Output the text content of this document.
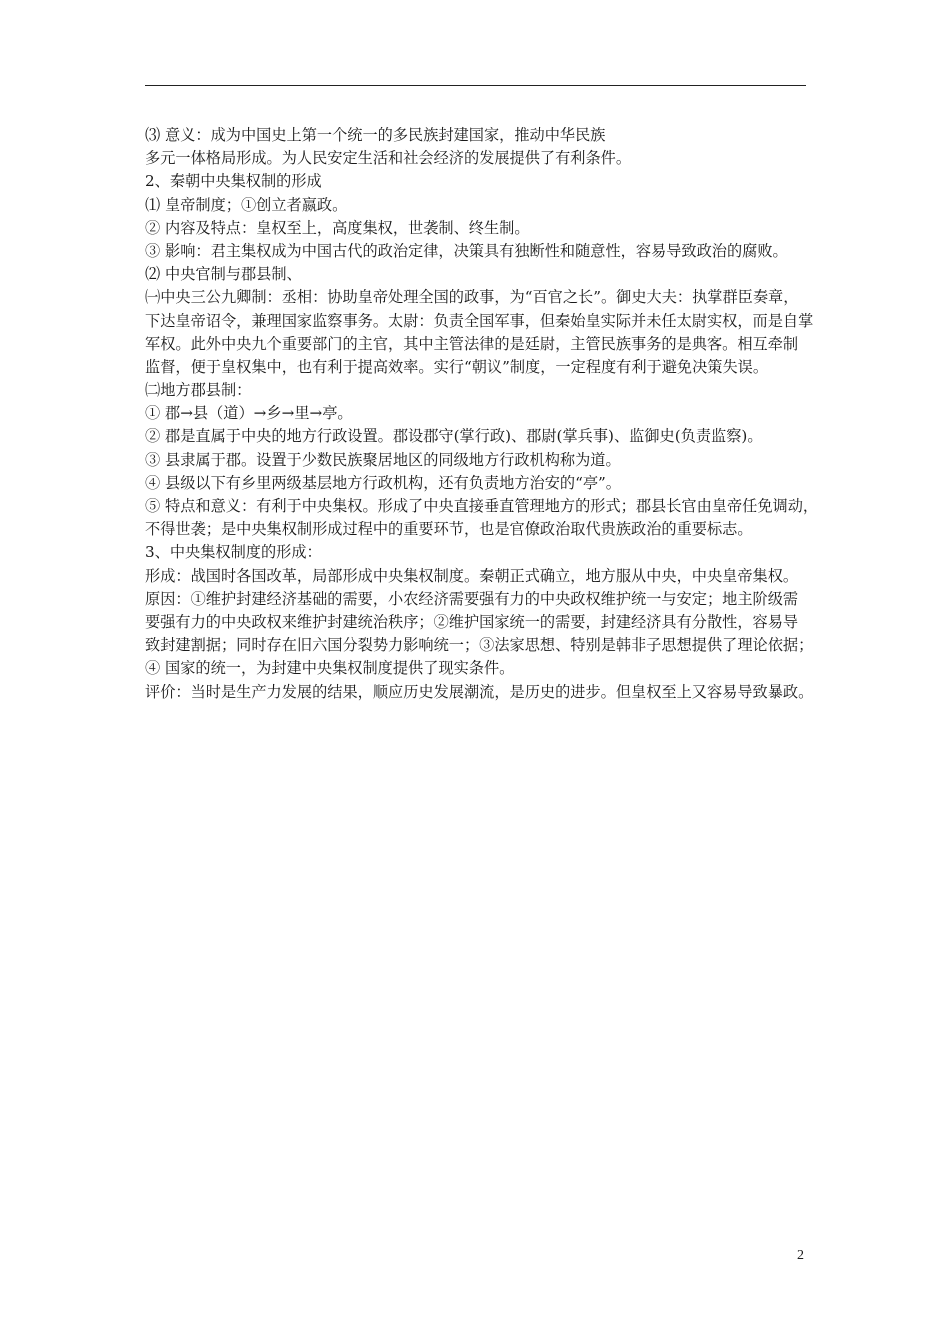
⑶ 意义：成为中国史上第一个统一的多民族封建国家，推动中华民族
多元一体格局形成。为人民安定生活和社会经济的发展提供了有利条件。
2、秦朝中央集权制的形成
⑴ 皇帝制度；①创立者嬴政。
② 内容及特点：皇权至上，高度集权，世袭制、终生制。
③ 影响：君主集权成为中国古代的政治定律，决策具有独断性和随意性，容易导致政治的腐败。
⑵ 中央官制与郡县制、
㈠中央三公九卿制：丞相：协助皇帝处理全国的政事，为“百官之长”。御史大夫：执掌群臣奏章，
下达皇帝诏令，兼理国家监察事务。太尉：负责全国军事，但秦始皇实际并未任太尉实权，而是自掌
军权。此外中央九个重要部门的主官，其中主管法律的是廷尉，主管民族事务的是典客。相互牵制
监督，便于皇权集中，也有利于提高效率。实行“朝议”制度，一定程度有利于避免决策失误。
㈡地方郡县制：
① 郡→县（道）→乡→里→亭。
② 郡是直属于中央的地方行政设置。郡设郡守(掌行政)、郡尉(掌兵事)、监御史(负责监察)。
③ 县隶属于郡。设置于少数民族聚居地区的同级地方行政机构称为道。
④ 县级以下有乡里两级基层地方行政机构，还有负责地方治安的“亭”。
⑤ 特点和意义：有利于中央集权。形成了中央直接垂直管理地方的形式；郡县长官由皇帝任免调动，
不得世袭；是中央集权制形成过程中的重要环节，也是官僚政治取代贵族政治的重要标志。
3、中央集权制度的形成：
形成：战国时各国改革，局部形成中央集权制度。秦朝正式确立，地方服从中央，中央皇帝集权。
原因：①维护封建经济基础的需要，小农经济需要强有力的中央政权维护统一与安定；地主阶级需
要强有力的中央政权来维护封建统治秩序；②维护国家统一的需要，封建经济具有分散性，容易导
致封建割据；同时存在旧六国分裂势力影响统一；③法家思想、特别是韩非子思想提供了理论依据；
④ 国家的统一，为封建中央集权制度提供了现实条件。
评价：当时是生产力发展的结果，顺应历史发展潮流，是历史的进步。但皇权至上又容易导致暴政。
2
